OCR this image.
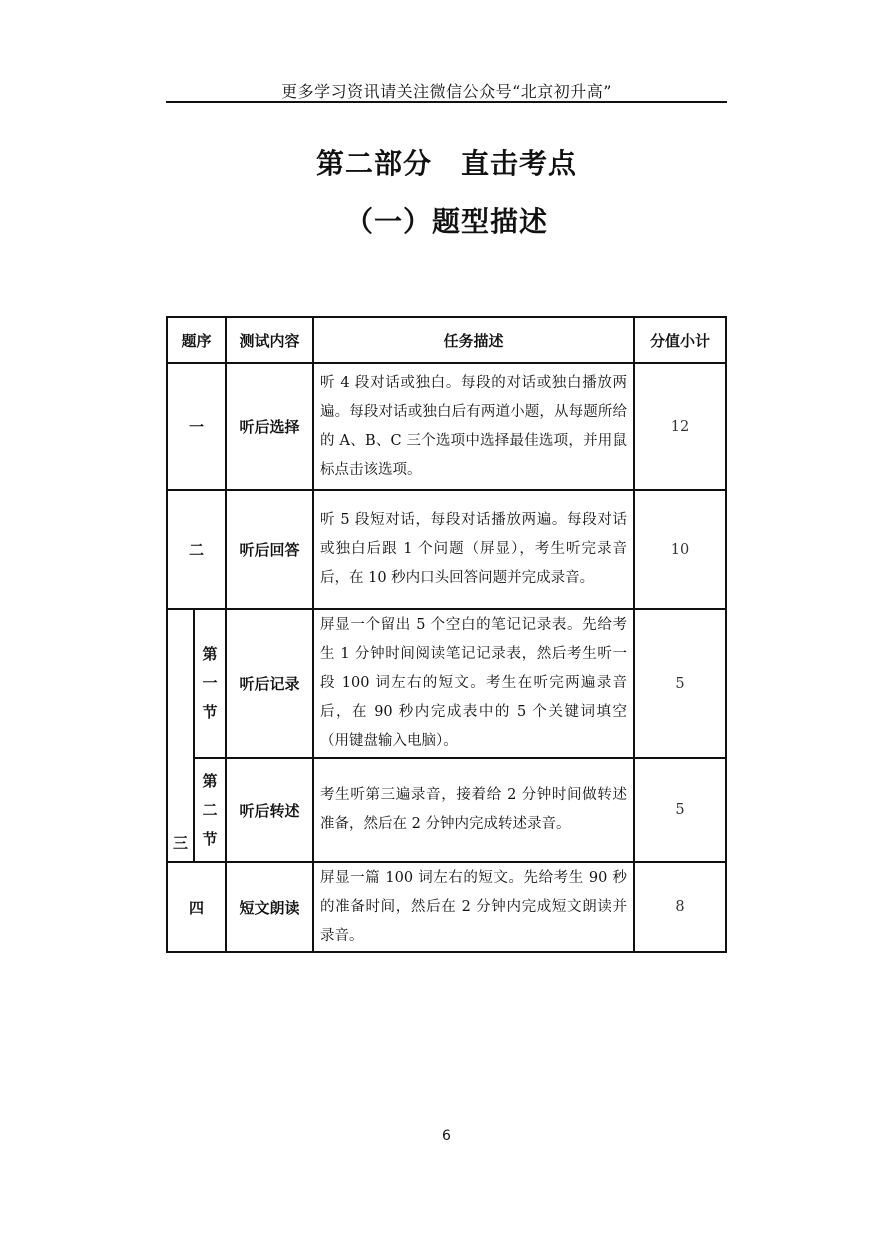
更多学习资讯请关注微信公众号“北京初升高”
第二部分　直击考点
（一）题型描述
题序		测试内容	任务描述	分值小计
一		听后选择	听 4 段对话或独白。每段的对话或独白播放两遍。每段对话或独白后有两道小题，从每题所给的 A、B、C 三个选项中选择最佳选项，并用鼠标点击该选项。	12
二		听后回答	听 5 段短对话，每段对话播放两遍。每段对话或独白后跟 1 个问题（屏显），考生听完录音后，在 10 秒内口头回答问题并完成录音。	10
三	第
一
节	听后记录	屏显一个留出 5 个空白的笔记记录表。先给考生 1 分钟时间阅读笔记记录表，然后考生听一段 100 词左右的短文。考生在听完两遍录音后，在 90 秒内完成表中的 5 个关键词填空（用键盘输入电脑）。	5

	第
二
节	听后转述	考生听第三遍录音，接着给 2 分钟时间做转述准备，然后在 2 分钟内完成转述录音。	5
四		短文朗读	屏显一篇 100 词左右的短文。先给考生 90 秒的准备时间，然后在 2 分钟内完成短文朗读并录音。	8
6
